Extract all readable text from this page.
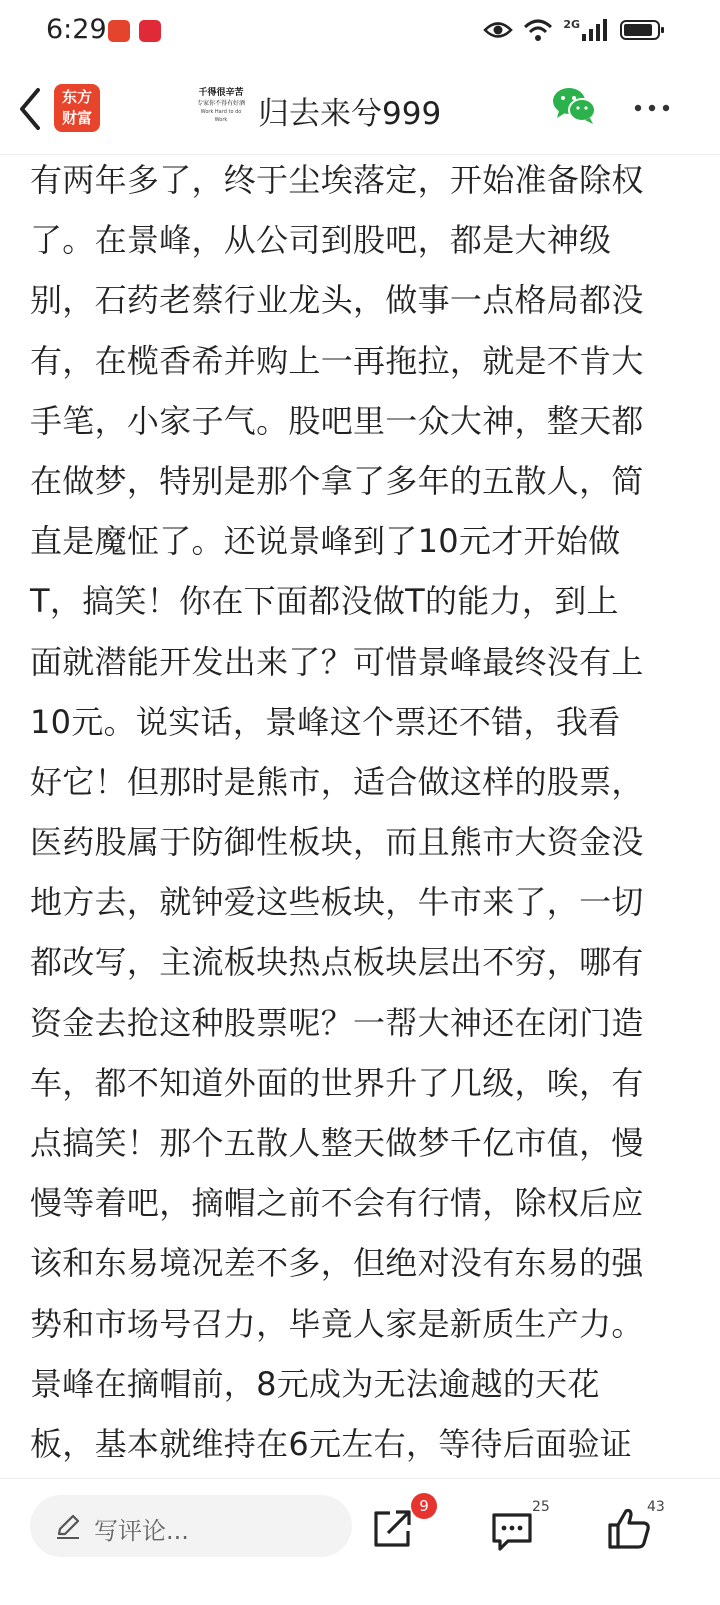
6:29	2G
东方
财富
千得很辛苦
专家你不得有好酒
Work Hard to do Work 归去来兮999
有两年多了，终于尘埃落定，开始准备除权
了。在景峰，从公司到股吧，都是大神级
别，石药老蔡行业龙头，做事一点格局都没
有，在榄香希并购上一再拖拉，就是不肯大
手笔，小家子气。股吧里一众大神，整天都
在做梦，特别是那个拿了多年的五散人，简
直是魔怔了。还说景峰到了10元才开始做
T，搞笑！你在下面都没做T的能力，到上
面就潜能开发出来了？可惜景峰最终没有上
10元。说实话，景峰这个票还不错，我看
好它！但那时是熊市，适合做这样的股票，
医药股属于防御性板块，而且熊市大资金没
地方去，就钟爱这些板块，牛市来了，一切
都改写，主流板块热点板块层出不穷，哪有
资金去抢这种股票呢？一帮大神还在闭门造
车，都不知道外面的世界升了几级，唉，有
点搞笑！那个五散人整天做梦千亿市值，慢
慢等着吧，摘帽之前不会有行情，除权后应
该和东易境况差不多，但绝对没有东易的强
势和市场号召力，毕竟人家是新质生产力。
景峰在摘帽前，8元成为无法逾越的天花
板，基本就维持在6元左右，等待后面验证
写评论...
9	25	43
